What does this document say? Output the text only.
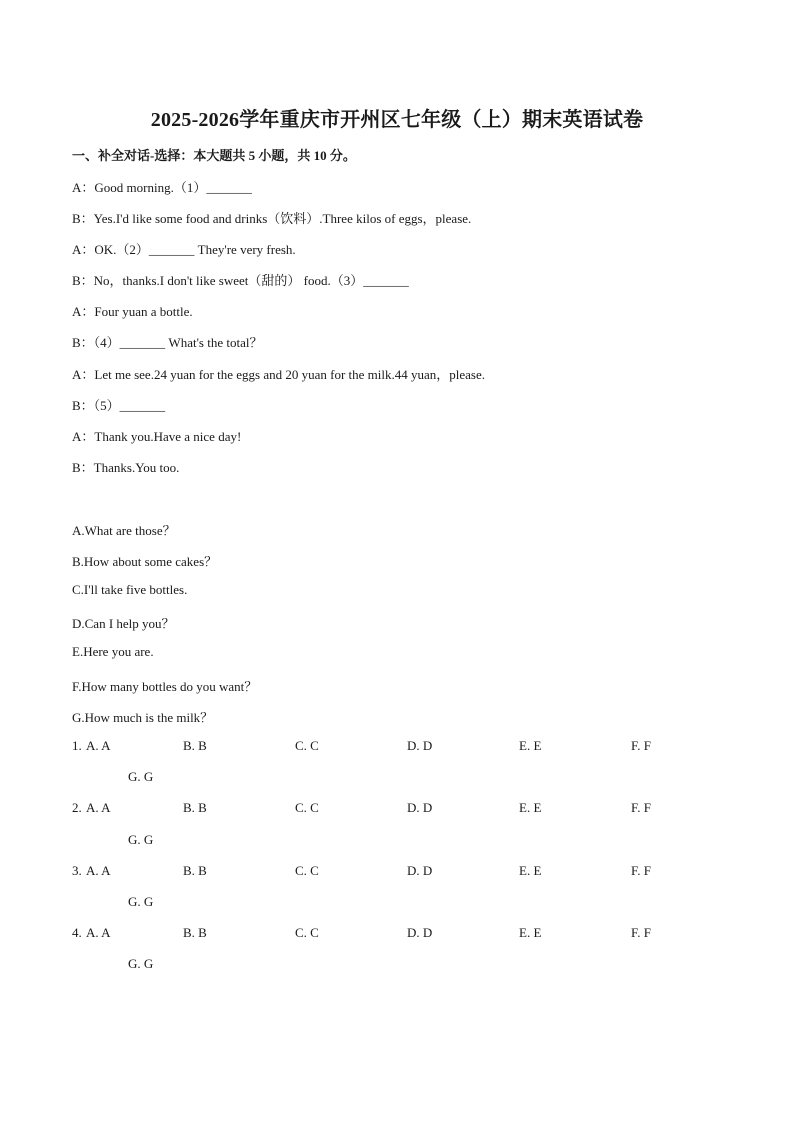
2025-2026学年重庆市开州区七年级（上）期末英语试卷
一、补全对话-选择：本大题共 5 小题，共 10 分。
A：Good morning.（1）_______
B：Yes.I'd like some food and drinks（饮料）.Three kilos of eggs，please.
A：OK.（2）_______ They're very fresh.
B：No，thanks.I don't like sweet（甜的） food.（3）_______
A：Four yuan a bottle.
B：（4）_______ What's the total？
A：Let me see.24 yuan for the eggs and 20 yuan for the milk.44 yuan，please.
B：（5）_______
A：Thank you.Have a nice day!
B：Thanks.You too.
A.What are those？
B.How about some cakes？
C.I'll take five bottles.
D.Can I help you？
E.Here you are.
F.How many bottles do you want？
G.How much is the milk？
1. A. A	B. B	C. C	D. D	E. E	F. F
G. G
2. A. A	B. B	C. C	D. D	E. E	F. F
G. G
3. A. A	B. B	C. C	D. D	E. E	F. F
G. G
4. A. A	B. B	C. C	D. D	E. E	F. F
G. G
